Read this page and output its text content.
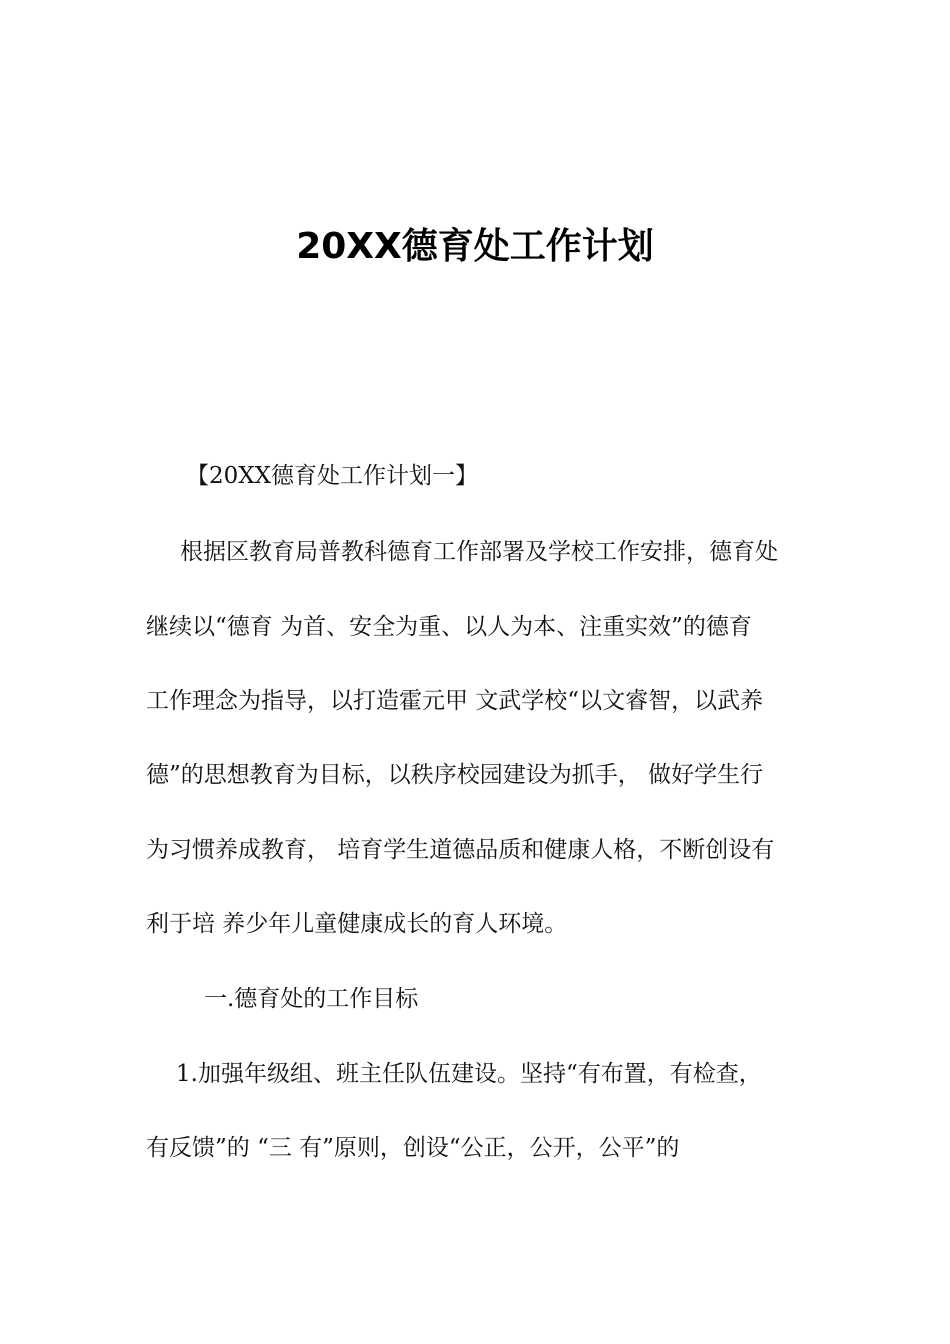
20XX德育处工作计划
【20XX德育处工作计划一】
根据区教育局普教科德育工作部署及学校工作安排，德育处
继续以“德育 为首、安全为重、以人为本、注重实效”的德育
工作理念为指导，以打造霍元甲 文武学校“以文睿智，以武养
德”的思想教育为目标，以秩序校园建设为抓手， 做好学生行
为习惯养成教育， 培育学生道德品质和健康人格，不断创设有
利于培 养少年儿童健康成长的育人环境。
一.德育处的工作目标
1.加强年级组、班主任队伍建设。坚持“有布置，有检查，
有反馈”的 “三 有”原则，创设“公正，公开，公平”的
